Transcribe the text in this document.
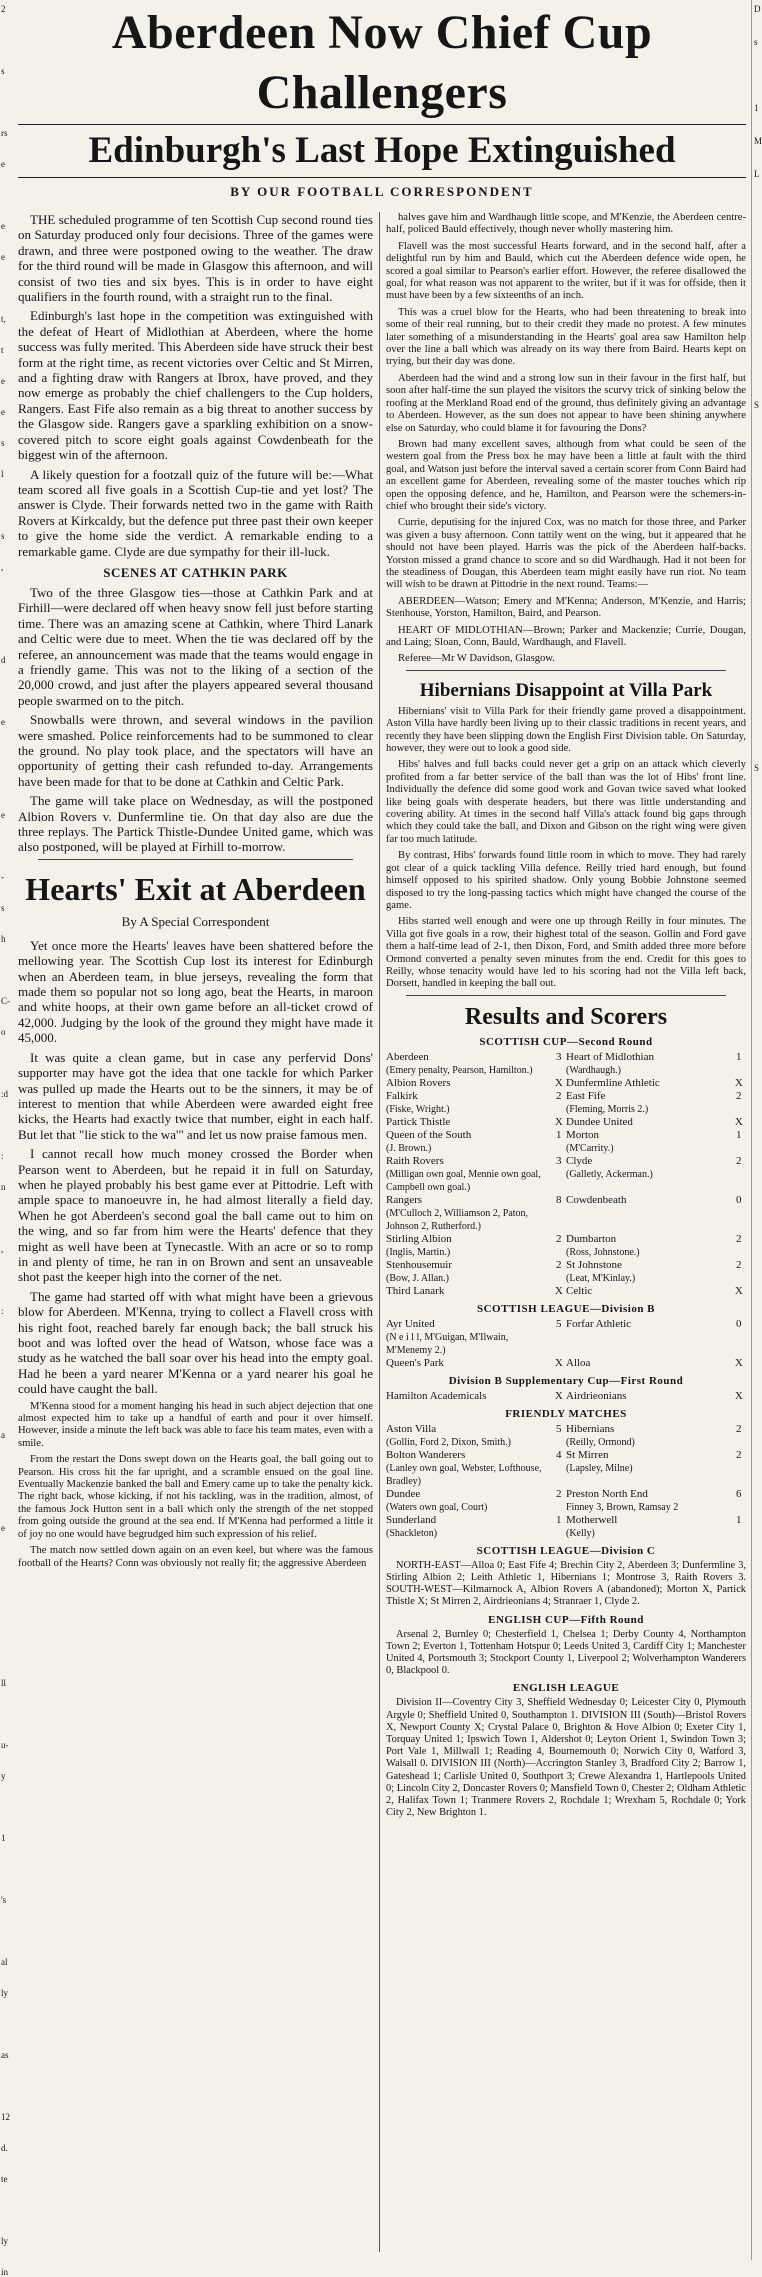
2
s
rs
e
e
e
t,
t
e
e
s
l
s
,
d
e
e
-
s
h
C-
o
:d
:
n
,
:
a
e
ll
u-
y
1
's
al
ly
as
12
d.
te
ly
in
D
s
1
M
L
S
S
Aberdeen Now Chief Cup
Challengers
Edinburgh's Last Hope Extinguished
BY OUR FOOTBALL CORRESPONDENT

THE scheduled programme of ten Scottish Cup second round ties on Saturday produced only four decisions. Three of the games were drawn, and three were postponed owing to the weather. The draw for the third round will be made in Glasgow this afternoon, and will consist of two ties and six byes. This is in order to have eight qualifiers in the fourth round, with a straight run to the final.

Edinburgh's last hope in the competition was extinguished with the defeat of Heart of Midlothian at Aberdeen, where the home success was fully merited. This Aberdeen side have struck their best form at the right time, as recent victories over Celtic and St Mirren, and a fighting draw with Rangers at Ibrox, have proved, and they now emerge as probably the chief challengers to the Cup holders, Rangers. East Fife also remain as a big threat to another success by the Glasgow side. Rangers gave a sparkling exhibition on a snow-covered pitch to score eight goals against Cowdenbeath for the biggest win of the afternoon.

A likely question for a footzall quiz of the future will be:—What team scored all five goals in a Scottish Cup-tie and yet lost? The answer is Clyde. Their forwards netted two in the game with Raith Rovers at Kirkcaldy, but the defence put three past their own keeper to give the home side the verdict. A remarkable ending to a remarkable game. Clyde are due sympathy for their ill-luck.

SCENES AT CATHKIN PARK

Two of the three Glasgow ties—those at Cathkin Park and at Firhill—were declared off when heavy snow fell just before starting time. There was an amazing scene at Cathkin, where Third Lanark and Celtic were due to meet. When the tie was declared off by the referee, an announcement was made that the teams would engage in a friendly game. This was not to the liking of a section of the 20,000 crowd, and just after the players appeared several thousand people swarmed on to the pitch.

Snowballs were thrown, and several windows in the pavilion were smashed. Police reinforcements had to be summoned to clear the ground. No play took place, and the spectators will have an opportunity of getting their cash refunded to-day. Arrangements have been made for that to be done at Cathkin and Celtic Park.

The game will take place on Wednesday, as will the postponed Albion Rovers v. Dunfermline tie. On that day also are due the three replays. The Partick Thistle-Dundee United game, which was also postponed, will be played at Firhill to-morrow.

Hearts' Exit at Aberdeen
By A Special Correspondent

Yet once more the Hearts' leaves have been shattered before the mellowing year. The Scottish Cup lost its interest for Edinburgh when an Aberdeen team, in blue jerseys, revealing the form that made them so popular not so long ago, beat the Hearts, in maroon and white hoops, at their own game before an all-ticket crowd of 42,000. Judging by the look of the ground they might have made it 45,000.

It was quite a clean game, but in case any perfervid Dons' supporter may have got the idea that one tackle for which Parker was pulled up made the Hearts out to be the sinners, it may be of interest to mention that while Aberdeen were awarded eight free kicks, the Hearts had exactly twice that number, eight in each half. But let that "lie stick to the wa'" and let us now praise famous men.

I cannot recall how much money crossed the Border when Pearson went to Aberdeen, but he repaid it in full on Saturday, when he played probably his best game ever at Pittodrie. Left with ample space to manoeuvre in, he had almost literally a field day. When he got Aberdeen's second goal the ball came out to him on the wing, and so far from him were the Hearts' defence that they might as well have been at Tynecastle. With an acre or so to romp in and plenty of time, he ran in on Brown and sent an unsaveable shot past the keeper high into the corner of the net.

The game had started off with what might have been a grievous blow for Aberdeen. M'Kenna, trying to collect a Flavell cross with his right foot, reached barely far enough back; the ball struck his boot and was lofted over the head of Watson, whose face was a study as he watched the ball soar over his head into the empty goal. Had he been a yard nearer M'Kenna or a yard nearer his goal he could have caught the ball.

M'Kenna stood for a moment hanging his head in such abject dejection that one almost expected him to take up a handful of earth and pour it over himself. However, inside a minute the left back was able to face his team mates, even with a smile.

From the restart the Dons swept down on the Hearts goal, the ball going out to Pearson. His cross hit the far upright, and a scramble ensued on the goal line. Eventually Mackenzie banked the ball and Emery came up to take the penalty kick. The right back, whose kicking, if not his tackling, was in the tradition, almost, of the famous Jock Hutton sent in a ball which only the strength of the net stopped from going outside the ground at the sea end. If M'Kenna had performed a little it of joy no one would have begrudged him such expression of his relief.

The match now settled down again on an even keel, but where was the famous football of the Hearts? Conn was obviously not really fit; the aggressive Aberdeen

halves gave him and Wardhaugh little scope, and M'Kenzie, the Aberdeen centre-half, policed Bauld effectively, though never wholly mastering him.

Flavell was the most successful Hearts forward, and in the second half, after a delightful run by him and Bauld, which cut the Aberdeen defence wide open, he scored a goal similar to Pearson's earlier effort. However, the referee disallowed the goal, for what reason was not apparent to the writer, but if it was for offside, then it must have been by a few sixteenths of an inch.

This was a cruel blow for the Hearts, who had been threatening to break into some of their real running, but to their credit they made no protest. A few minutes later something of a misunderstanding in the Hearts' goal area saw Hamilton help over the line a ball which was already on its way there from Baird. Hearts kept on trying, but their day was done.

Aberdeen had the wind and a strong low sun in their favour in the first half, but soon after half-time the sun played the visitors the scurvy trick of sinking below the roofing at the Merkland Road end of the ground, thus definitely giving an advantage to Aberdeen. However, as the sun does not appear to have been shining anywhere else on Saturday, who could blame it for favouring the Dons?

Brown had many excellent saves, although from what could be seen of the western goal from the Press box he may have been a little at fault with the third goal, and Watson just before the interval saved a certain scorer from Conn Baird had an excellent game for Aberdeen, revealing some of the master touches which rip open the opposing defence, and he, Hamilton, and Pearson were the schemers-in-chief who brought their side's victory.

Currie, deputising for the injured Cox, was no match for those three, and Parker was given a busy afternoon. Conn tattily went on the wing, but it appeared that he should not have been played. Harris was the pick of the Aberdeen half-backs. Yorston missed a grand chance to score and so did Wardhaugh. Had it not been for the steadiness of Dougan, this Aberdeen team might easily have run riot. No team will wish to be drawn at Pittodrie in the next round. Teams:—

ABERDEEN—Watson; Emery and M'Kenna; Anderson, M'Kenzie, and Harris; Stenhouse, Yorston, Hamilton, Baird, and Pearson.

HEART OF MIDLOTHIAN—Brown; Parker and Mackenzie; Currie, Dougan, and Laing; Sloan, Conn, Bauld, Wardhaugh, and Flavell.

Referee—Mr W Davidson, Glasgow.

Hibernians Disappoint at Villa Park

Hibernians' visit to Villa Park for their friendly game proved a disappointment. Aston Villa have hardly been living up to their classic traditions in recent years, and recently they have been slipping down the English First Division table. On Saturday, however, they were out to look a good side.

Hibs' halves and full backs could never get a grip on an attack which cleverly profited from a far better service of the ball than was the lot of Hibs' front line. Individually the defence did some good work and Govan twice saved what looked like being goals with desperate headers, but there was little understanding and covering ability. At times in the second half Villa's attack found big gaps through which they could take the ball, and Dixon and Gibson on the right wing were given far too much latitude.

By contrast, Hibs' forwards found little room in which to move. They had rarely got clear of a quick tackling Villa defence. Reilly tried hard enough, but found himself opposed to his spirited shadow. Only young Bobbie Johnstone seemed disposed to try the long-passing tactics which might have changed the course of the game.

Hibs started well enough and were one up through Reilly in four minutes. The Villa got five goals in a row, their highest total of the season. Gollin and Ford gave them a half-time lead of 2-1, then Dixon, Ford, and Smith added three more before Ormond converted a penalty seven minutes from the end. Credit for this goes to Reilly, whose tenacity would have led to his scoring had not the Villa left back, Dorsett, handled in keeping the ball out.

Results and Scorers
SCOTTISH CUP—Second Round
Aberdeen	3	Heart of Midlothian	1
(Emery penalty, Pearson, Hamilton.)		(Wardhaugh.)	
Albion Rovers	X	Dunfermline Athletic	X
Falkirk	2	East Fife	2
(Fiske, Wright.)		(Fleming, Morris 2.)	
Partick Thistle	X	Dundee United	X
Queen of the South	1	Morton	1
(J. Brown.)		(M'Carrity.)	
Raith Rovers	3	Clyde	2
(Milligan own goal, Mennie own goal, Campbell own goal.)		(Galletly, Ackerman.)	
Rangers	8	Cowdenbeath	0
(M'Culloch 2, Williamson 2, Paton, Johnson 2, Rutherford.)			
Stirling Albion	2	Dumbarton	2
(Inglis, Martin.)		(Ross, Johnstone.)	
Stenhousemuir	2	St Johnstone	2
(Bow, J. Allan.)		(Leat, M'Kinlay.)	
Third Lanark	X	Celtic	X
SCOTTISH LEAGUE—Division B
Ayr United	5	Forfar Athletic	0
(N e i l l, M'Guigan, M'Ilwain, M'Menemy 2.)			
Queen's Park	X	Alloa	X
Division B Supplementary Cup—First Round
Hamilton Academicals	X	Airdrieonians	X
FRIENDLY MATCHES
Aston Villa	5	Hibernians	2
(Gollin, Ford 2, Dixon, Smith.)		(Reilly, Ormond)	
Bolton Wanderers	4	St Mirren	2
(Lanley own goal, Webster, Lofthouse, Bradley)		(Lapsley, Milne)	
Dundee	2	Preston North End	6
(Waters own goal, Court)		Finney 3, Brown, Ramsay 2	
Sunderland	1	Motherwell	1
(Shackleton)		(Kelly)	
SCOTTISH LEAGUE—Division C
NORTH-EAST—Alloa 0; East Fife 4; Brechin City 2, Aberdeen 3; Dunfermline 3, Stirling Albion 2; Leith Athletic 1, Hibernians 1; Montrose 3, Raith Rovers 3. SOUTH-WEST—Kilmarnock A, Albion Rovers A (abandoned); Morton X, Partick Thistle X; St Mirren 2, Airdrieonians 4; Stranraer 1, Clyde 2.
ENGLISH CUP—Fifth Round
Arsenal 2, Burnley 0; Chesterfield 1, Chelsea 1; Derby County 4, Northampton Town 2; Everton 1, Tottenham Hotspur 0; Leeds United 3, Cardiff City 1; Manchester United 4, Portsmouth 3; Stockport County 1, Liverpool 2; Wolverhampton Wanderers 0, Blackpool 0.
ENGLISH LEAGUE
Division II—Coventry City 3, Sheffield Wednesday 0; Leicester City 0, Plymouth Argyle 0; Sheffield United 0, Southampton 1. DIVISION III (South)—Bristol Rovers X, Newport County X; Crystal Palace 0, Brighton & Hove Albion 0; Exeter City 1, Torquay United 1; Ipswich Town 1, Aldershot 0; Leyton Orient 1, Swindon Town 3; Port Vale 1, Millwall 1; Reading 4, Bournemouth 0; Norwich City 0, Watford 3, Walsall 0. DIVISION III (North)—Accrington Stanley 3, Bradford City 2; Barrow 1, Gateshead 1; Carlisle United 0, Southport 3; Crewe Alexandra 1, Hartlepools United 0; Lincoln City 2, Doncaster Rovers 0; Mansfield Town 0, Chester 2; Oldham Athletic 2, Halifax Town 1; Tranmere Rovers 2, Rochdale 1; Wrexham 5, Rochdale 0; York City 2, New Brighton 1.
